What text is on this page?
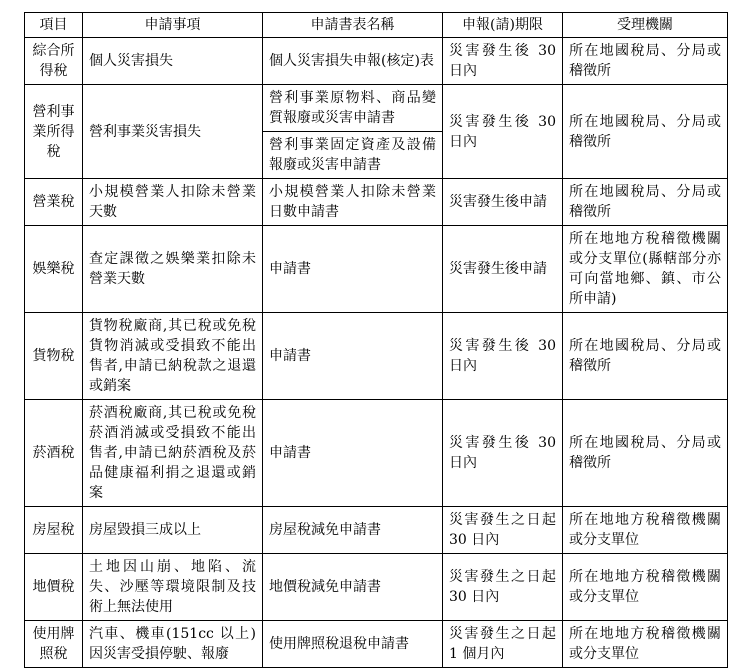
項目	申請事項	申請書表名稱	申報(請)期限	受理機關
綜合所得稅	個人災害損失	個人災害損失申報(核定)表	災害發生後 30 日內	所在地國稅局、分局或稽徵所
營利事業所得稅	營利事業災害損失	營利事業原物料、商品變質報廢或災害申請書	災害發生後 30 日內	所在地國稅局、分局或稽徵所
		營利事業固定資產及設備報廢或災害申請書		
營業稅	小規模營業人扣除未營業天數	小規模營業人扣除未營業日數申請書	災害發生後申請	所在地國稅局、分局或稽徵所
娛樂稅	查定課徵之娛樂業扣除未營業天數	申請書	災害發生後申請	所在地地方稅稽徵機關或分支單位(縣轄部分亦可向當地鄉、鎮、市公所申請)
貨物稅	貨物稅廠商,其已稅或免稅貨物消滅或受損致不能出售者,申請已納稅款之退還或銷案	申請書	災害發生後 30 日內	所在地國稅局、分局或稽徵所
菸酒稅	菸酒稅廠商,其已稅或免稅菸酒消滅或受損致不能出售者,申請已納菸酒稅及菸品健康福利捐之退還或銷案	申請書	災害發生後 30 日內	所在地國稅局、分局或稽徵所
房屋稅	房屋毀損三成以上	房屋稅減免申請書	災害發生之日起 30 日內	所在地地方稅稽徵機關或分支單位
地價稅	土地因山崩、地陷、流失、沙壓等環境限制及技術上無法使用	地價稅減免申請書	災害發生之日起 30 日內	所在地地方稅稽徵機關或分支單位
使用牌照稅	汽車、機車(151cc 以上)因災害受損停駛、報廢	使用牌照稅退稅申請書	災害發生之日起 1 個月內	所在地地方稅稽徵機關或分支單位
